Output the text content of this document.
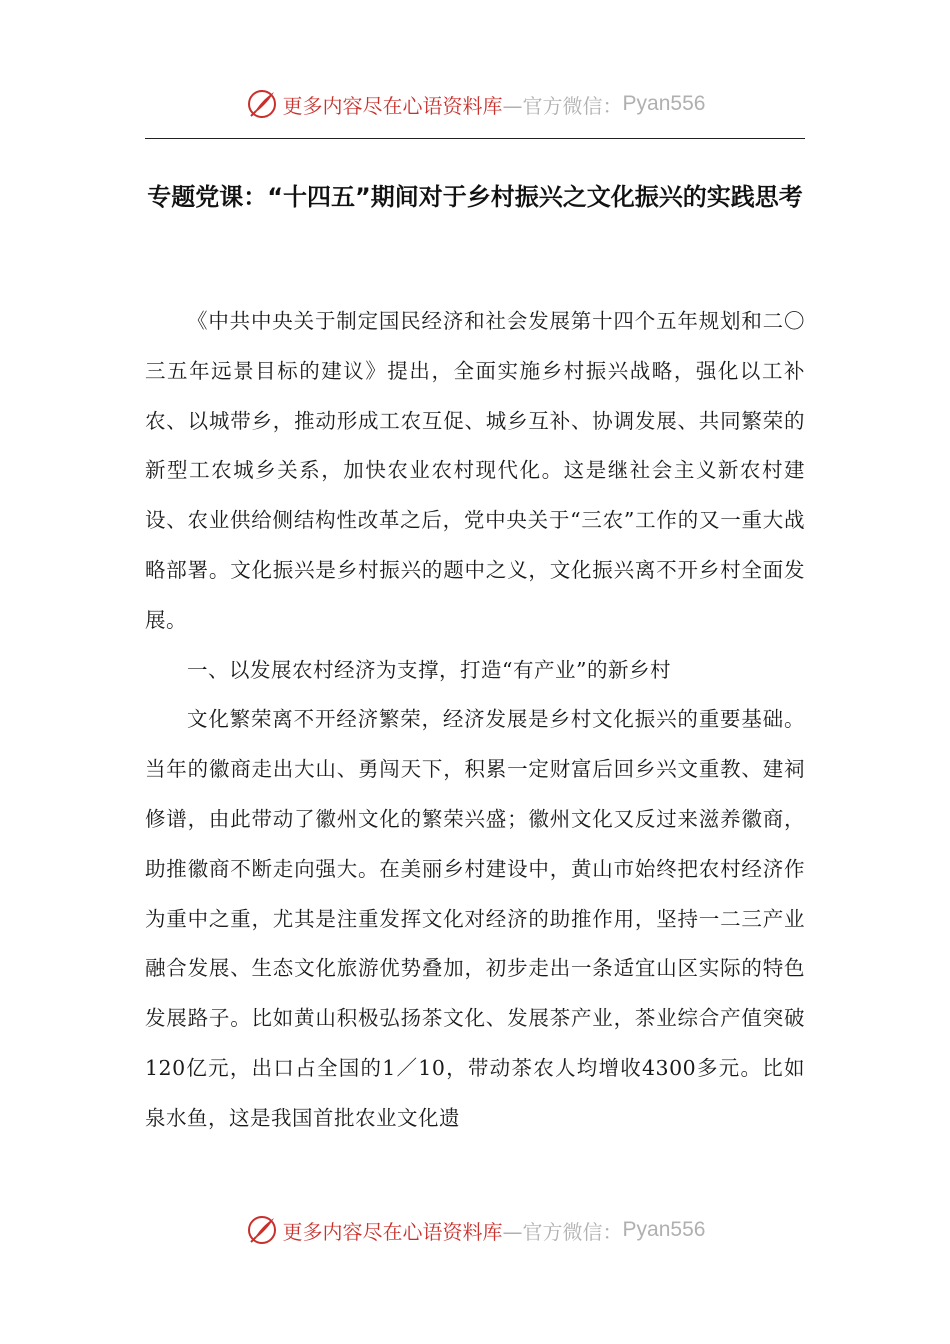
更多内容尽在心语资料库 —官方微信： Pyan556
专题党课：“十四五”期间对于乡村振兴之文化振兴的实践思考

《中共中央关于制定国民经济和社会发展第十四个五年规划和二〇三五年远景目标的建议》提出，全面实施乡村振兴战略，强化以工补农、以城带乡，推动形成工农互促、城乡互补、协调发展、共同繁荣的新型工农城乡关系，加快农业农村现代化。这是继社会主义新农村建设、农业供给侧结构性改革之后，党中央关于“三农”工作的又一重大战略部署。文化振兴是乡村振兴的题中之义，文化振兴离不开乡村全面发展。

一、以发展农村经济为支撑，打造“有产业”的新乡村

文化繁荣离不开经济繁荣，经济发展是乡村文化振兴的重要基础。当年的徽商走出大山、勇闯天下，积累一定财富后回乡兴文重教、建祠修谱，由此带动了徽州文化的繁荣兴盛；徽州文化又反过来滋养徽商，助推徽商不断走向强大。在美丽乡村建设中，黄山市始终把农村经济作为重中之重，尤其是注重发挥文化对经济的助推作用，坚持一二三产业融合发展、生态文化旅游优势叠加，初步走出一条适宜山区实际的特色发展路子。比如黄山积极弘扬茶文化、发展茶产业，茶业综合产值突破120亿元，出口占全国的1／10，带动茶农人均增收4300多元。比如泉水鱼，这是我国首批农业文化遗

更多内容尽在心语资料库 —官方微信： Pyan556
